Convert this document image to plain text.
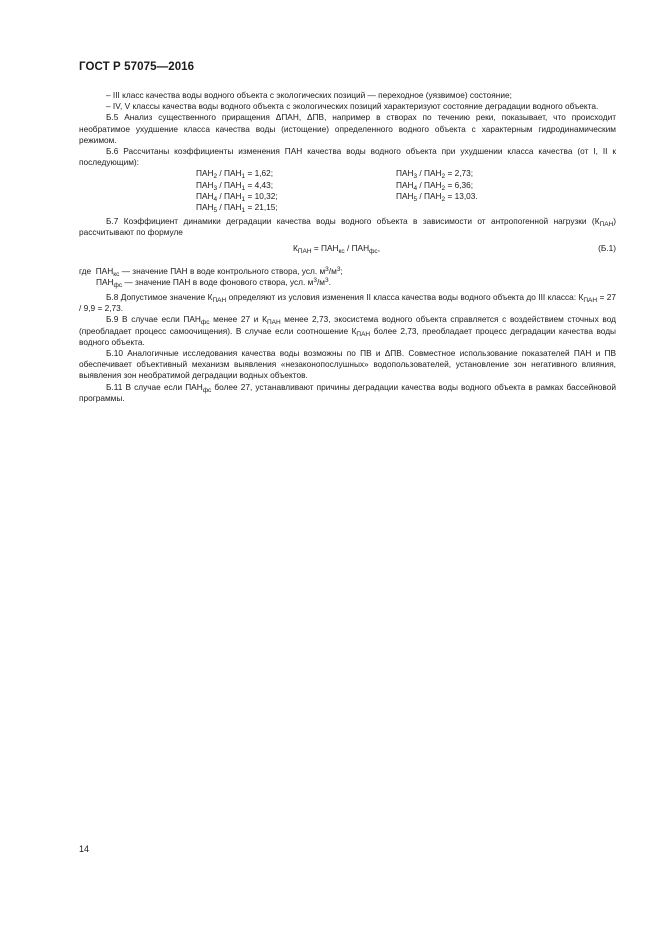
ГОСТ Р 57075—2016

– III класс качества воды водного объекта с экологических позиций — переходное (уязвимое) состояние;

– IV, V классы качества воды водного объекта с экологических позиций характеризуют состояние деградации водного объекта.

Б.5 Анализ существенного приращения ΔПАН, ΔПВ, например в створах по течению реки, показывает, что происходит необратимое ухудшение класса качества воды (истощение) определенного водного объекта с характерным гидродинамическим режимом.

Б.6 Рассчитаны коэффициенты изменения ПАН качества воды водного объекта при ухудшении класса качества (от I, II к последующим):

$ПАН_2 / ПАН_1 = 1,62$;	$ПАН_3 / ПАН_2 = 2,73$;
$ПАН_3 / ПАН_1 = 4,43$;	$ПАН_4 / ПАН_2 = 6,36$;
$ПАН_4 / ПАН_1 = 10,32$;	$ПАН_5 / ПАН_2 = 13,03$.
$ПАН_5 / ПАН_1 = 21,15$;

Б.7 Коэффициент динамики деградации качества воды водного объекта в зависимости от антропогенной нагрузки $(К_{ПАН})$ рассчитывают по формуле

$К_{ПАН} = ПАН_{кс} / ПАН_{фс}$,	(Б.1)

где  $ПАН_{кс}$ — значение ПАН в воде контрольного створа, усл. $м^3/м^3$;

$ПАН_{фс}$ — значение ПАН в воде фонового створа, усл. $м^3/м^3$.

Б.8 Допустимое значение $К_{ПАН}$ определяют из условия изменения II класса качества воды водного объекта до III класса: $К_{ПАН} = 27 / 9,9 = 2,73$.

Б.9 В случае если $ПАН_{фс}$ менее 27 и $К_{ПАН}$ менее 2,73, экосистема водного объекта справляется с воздействием сточных вод (преобладает процесс самоочищения). В случае если соотношение $К_{ПАН}$ более 2,73, преобладает процесс деградации качества воды водного объекта.

Б.10 Аналогичные исследования качества воды возможны по ПВ и ΔПВ. Совместное использование показателей ПАН и ПВ обеспечивает объективный механизм выявления «незаконопослушных» водопользователей, установление зон негативного влияния, выявления зон необратимой деградации водных объектов.

Б.11 В случае если $ПАН_{фс}$ более 27, устанавливают причины деградации качества воды водного объекта в рамках бассейновой программы.

14
